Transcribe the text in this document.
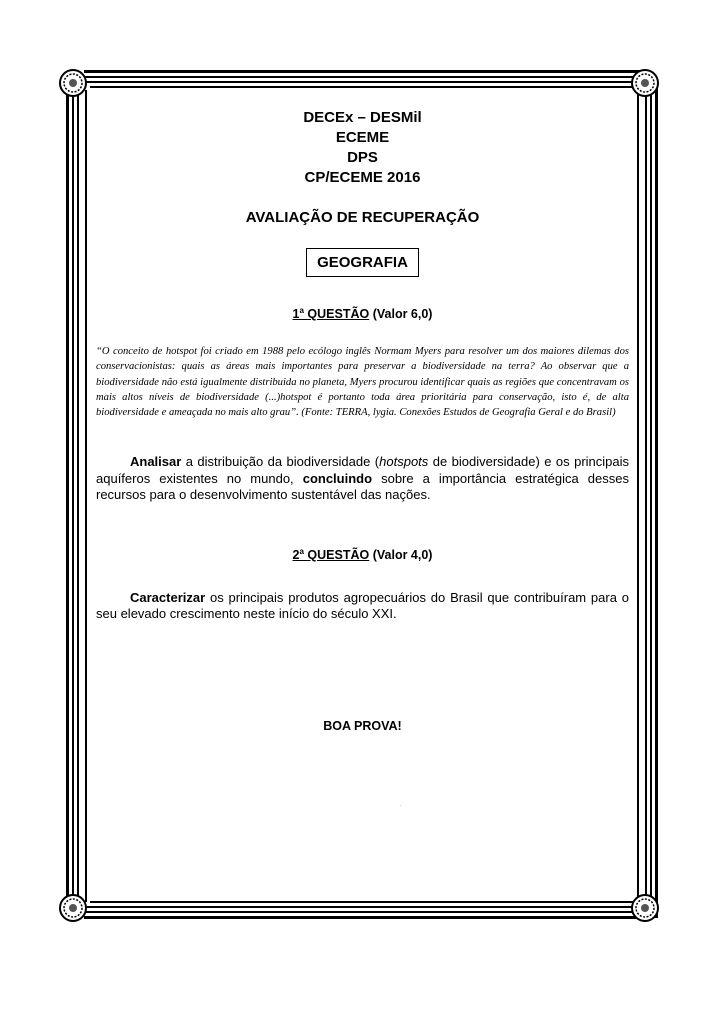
DECEx – DESMil

ECEME

DPS

CP/ECEME 2016

AVALIAÇÃO DE RECUPERAÇÃO

GEOGRAFIA

1$^a$ QUESTÃO (Valor 6,0)

“O conceito de hotspot foi criado em 1988 pelo ecólogo inglês Normam Myers para resolver um dos maiores dilemas dos conservacionistas: quais as áreas mais importantes para preservar a biodiversidade na terra? Ao observar que a biodiversidade não está igualmente distribuida no planeta, Myers procurou identificar quais as regiões que concentravam os mais altos níveis de biodiversidade (...)hotspot é portanto toda área prioritária para conservação, isto é, de alta biodiversidade e ameaçada no mais alto grau”. (Fonte: TERRA, lygia. Conexões Estudos de Geografia Geral e do Brasil)

Analisar a distribuição da biodiversidade (hotspots de biodiversidade) e os principais aquíferos existentes no mundo, concluindo sobre a importância estratégica desses recursos para o desenvolvimento sustentável das nações.

2$^a$ QUESTÃO (Valor 4,0)

Caracterizar os principais produtos agropecuários do Brasil que contribuíram para o seu elevado crescimento neste início do século XXI.

BOA PROVA!

.
